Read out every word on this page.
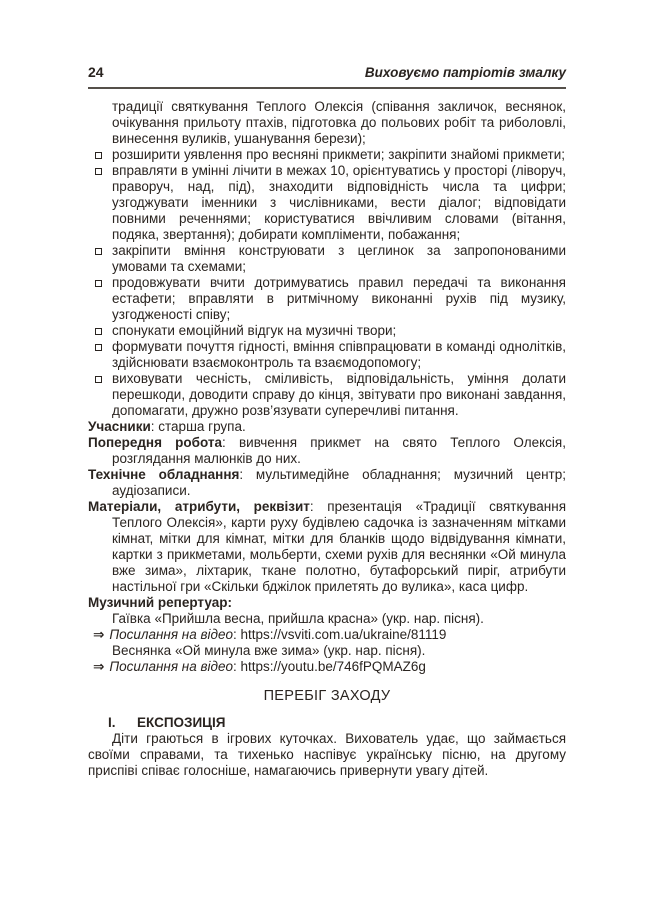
24	Виховуємо патріотів змалку

традиції святкування Теплого Олексія (співання закличок, веснянок, очікування прильоту птахів, підготовка до польових робіт та риболовлі, винесення вуликів, ушанування берези);

розширити уявлення про весняні прикмети; закріпити знайомі прикмети;
вправляти в умінні лічити в межах 10, орієнтуватись у просторі (ліворуч, праворуч, над, під), знаходити відповідність числа та цифри; узгоджувати іменники з числівниками, вести діалог; відповідати повними реченнями; користуватися ввічливим словами (вітання, подяка, звертання); добирати компліменти, побажання;
закріпити вміння конструювати з цеглинок за запропонованими умовами та схемами;
продовжувати вчити дотримуватись правил передачі та виконання естафети; вправляти в ритмічному виконанні рухів під музику, узгодженості співу;
спонукати емоційний відгук на музичні твори;
формувати почуття гідності, вміння співпрацювати в команді однолітків, здійснювати взаємоконтроль та взаємодопомогу;
виховувати чесність, сміливість, відповідальність, уміння долати перешкоди, доводити справу до кінця, звітувати про виконані завдання, допомагати, дружно розв’язувати суперечливі питання.

Учасники: старша група.

Попередня робота: вивчення прикмет на свято Теплого Олексія, розглядання малюнків до них.

Технічне обладнання: мультимедійне обладнання; музичний центр; аудіозаписи.

Матеріали, атрибути, реквізит: презентація «Традиції святкування Теплого Олексія», карти руху будівлею садочка із зазначенням мітками кімнат, мітки для кімнат, мітки для бланків щодо відвідування кімнати, картки з прикметами, мольберти, схеми рухів для веснянки «Ой минула вже зима», ліхтарик, ткане полотно, бутафорський пиріг, атрибути настільної гри «Скільки бджілок прилетять до вулика», каса цифр.

Музичний репертуар:
Гаївка «Прийшла весна, прийшла красна» (укр. нар. пісня).
⇒ Посилання на відео: https://vsviti.com.ua/ukraine/81119
Веснянка «Ой минула вже зима» (укр. нар. пісня).
⇒ Посилання на відео: https://youtu.be/746fPQMAZ6g
ПЕРЕБІГ ЗАХОДУ
I. ЕКСПОЗИЦІЯ

Діти граються в ігрових куточках. Вихователь удає, що займається своїми справами, та тихенько наспівує українську пісню, на другому приспіві співає голосніше, намагаючись привернути увагу дітей.
